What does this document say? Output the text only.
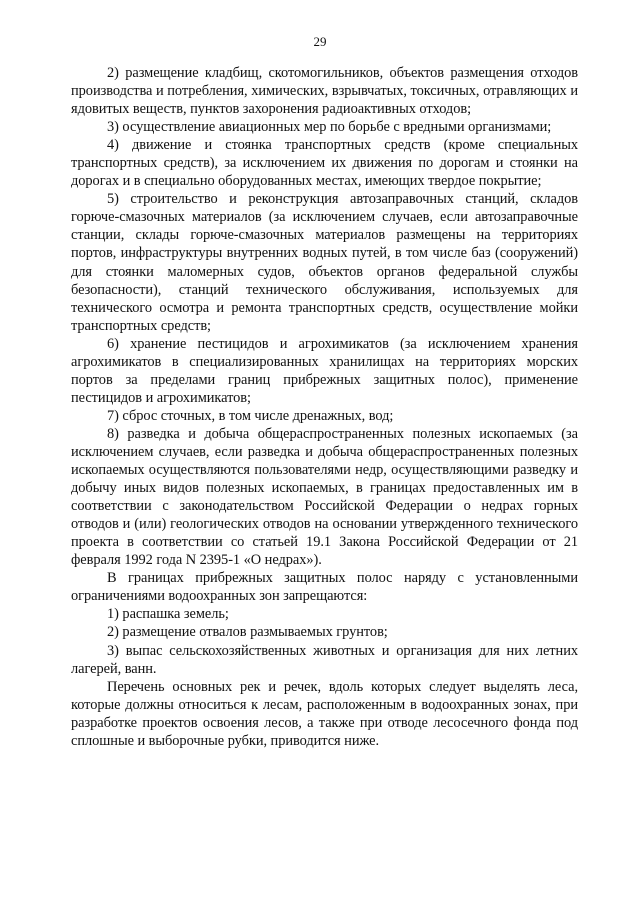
29

2) размещение кладбищ, скотомогильников, объектов размещения отходов производства и потребления, химических, взрывчатых, токсичных, отравляющих и ядовитых веществ, пунктов захоронения радиоактивных отходов;

3) осуществление авиационных мер по борьбе с вредными организмами;

4) движение и стоянка транспортных средств (кроме специальных транспортных средств), за исключением их движения по дорогам и стоянки на дорогах и в специально оборудованных местах, имеющих твердое покрытие;

5) строительство и реконструкция автозаправочных станций, складов горюче-смазочных материалов (за исключением случаев, если автозаправочные станции, склады горюче-смазочных материалов размещены на территориях портов, инфраструктуры внутренних водных путей, в том числе баз (сооружений) для стоянки маломерных судов, объектов органов федеральной службы безопасности), станций технического обслуживания, используемых для технического осмотра и ремонта транспортных средств, осуществление мойки транспортных средств;

6) хранение пестицидов и агрохимикатов (за исключением хранения агрохимикатов в специализированных хранилищах на территориях морских портов за пределами границ прибрежных защитных полос), применение пестицидов и агрохимикатов;

7) сброс сточных, в том числе дренажных, вод;

8) разведка и добыча общераспространенных полезных ископаемых (за исключением случаев, если разведка и добыча общераспространенных полезных ископаемых осуществляются пользователями недр, осуществляющими разведку и добычу иных видов полезных ископаемых, в границах предоставленных им в соответствии с законодательством Российской Федерации о недрах горных отводов и (или) геологических отводов на основании утвержденного технического проекта в соответствии со статьей 19.1 Закона Российской Федерации от 21 февраля 1992 года N 2395-1 «О недрах»).

В границах прибрежных защитных полос наряду с установленными ограничениями водоохранных зон запрещаются:

1) распашка земель;

2) размещение отвалов размываемых грунтов;

3) выпас сельскохозяйственных животных и организация для них летних лагерей, ванн.

Перечень основных рек и речек, вдоль которых следует выделять леса, которые должны относиться к лесам, расположенным в водоохранных зонах, при разработке проектов освоения лесов, а также при отводе лесосечного фонда под сплошные и выборочные рубки, приводится ниже.
